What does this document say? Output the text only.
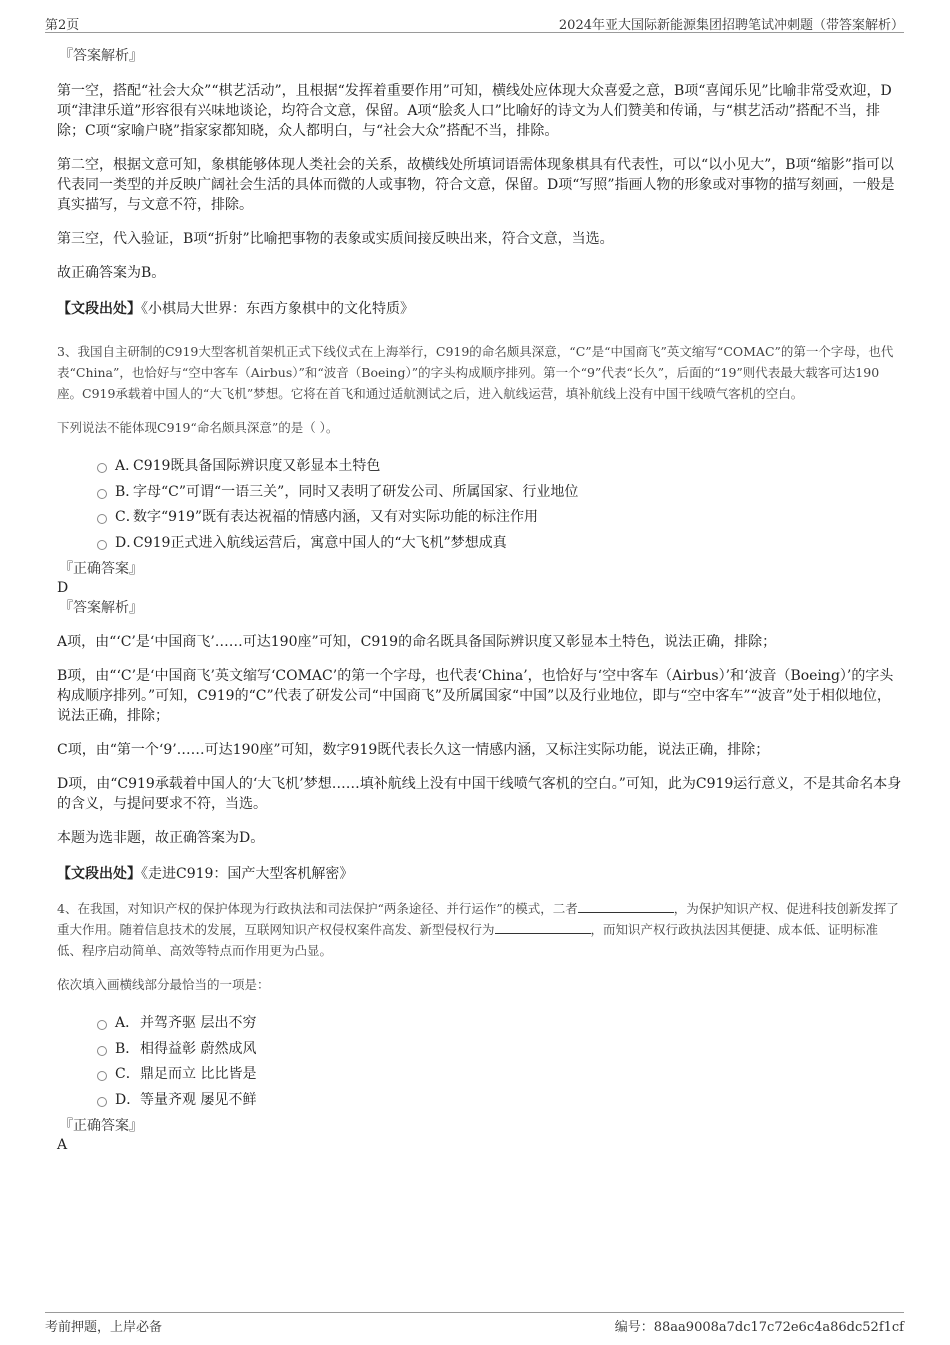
第2页	2024年亚大国际新能源集团招聘笔试冲刺题（带答案解析）
『答案解析』

第一空，搭配“社会大众”“棋艺活动”，且根据“发挥着重要作用”可知，横线处应体现大众喜爱之意，B项“喜闻乐见”比喻非常受欢迎，D项“津津乐道”形容很有兴味地谈论，均符合文意，保留。A项“脍炙人口”比喻好的诗文为人们赞美和传诵，与“棋艺活动”搭配不当，排除；C项“家喻户晓”指家家都知晓，众人都明白，与“社会大众”搭配不当，排除。

第二空，根据文意可知，象棋能够体现人类社会的关系，故横线处所填词语需体现象棋具有代表性，可以“以小见大”，B项“缩影”指可以代表同一类型的并反映广阔社会生活的具体而微的人或事物，符合文意，保留。D项“写照”指画人物的形象或对事物的描写刻画，一般是真实描写，与文意不符，排除。

第三空，代入验证，B项“折射”比喻把事物的表象或实质间接反映出来，符合文意，当选。

故正确答案为B。

【文段出处】《小棋局大世界：东西方象棋中的文化特质》
3、我国自主研制的C919大型客机首架机正式下线仪式在上海举行，C919的命名颇具深意，“C”是“中国商飞”英文缩写“COMAC”的第一个字母，也代表“China”，也恰好与“空中客车（Airbus）”和“波音（Boeing）”的字头构成顺序排列。第一个“9”代表“长久”，后面的“19”则代表最大载客可达190座。C919承载着中国人的“大飞机”梦想。它将在首飞和通过适航测试之后，进入航线运营，填补航线上没有中国干线喷气客机的空白。
下列说法不能体现C919“命名颇具深意”的是（ ）。
A．
C919既具备国际辨识度又彰显本土特色
B．
字母“C”可谓“一语三关”，同时又表明了研发公司、所属国家、行业地位
C．
数字“919”既有表达祝福的情感内涵，又有对实际功能的标注作用
D．
C919正式进入航线运营后，寓意中国人的“大飞机”梦想成真
『正确答案』
D
『答案解析』

A项，由“‘C’是‘中国商飞’……可达190座”可知，C919的命名既具备国际辨识度又彰显本土特色，说法正确，排除；

B项，由“‘C’是‘中国商飞’英文缩写‘COMAC’的第一个字母，也代表‘China’，也恰好与‘空中客车（Airbus）’和‘波音（Boeing）’的字头构成顺序排列。”可知，C919的“C”代表了研发公司“中国商飞”及所属国家“中国”以及行业地位，即与“空中客车”“波音”处于相似地位，说法正确，排除；

C项，由“第一个‘9’……可达190座”可知，数字919既代表长久这一情感内涵，又标注实际功能，说法正确，排除；

D项，由“C919承载着中国人的‘大飞机’梦想……填补航线上没有中国干线喷气客机的空白。”可知，此为C919运行意义，不是其命名本身的含义，与提问要求不符，当选。

本题为选非题，故正确答案为D。

【文段出处】《走进C919：国产大型客机解密》
4、在我国，对知识产权的保护体现为行政执法和司法保护“两条途径、并行运作”的模式，二者	，为保护知识产权、促进科技创新发挥了重大作用。随着信息技术的发展，互联网知识产权侵权案件高发、新型侵权行为	，而知识产权行政执法因其便捷、成本低、证明标准低、程序启动简单、高效等特点而作用更为凸显。
依次填入画横线部分最恰当的一项是：
A． 并驾齐驱 层出不穷
B． 相得益彰 蔚然成风
C． 鼎足而立 比比皆是
D． 等量齐观 屡见不鲜
『正确答案』
A
考前押题，上岸必备	编号：88aa9008a7dc17c72e6c4a86dc52f1cf
